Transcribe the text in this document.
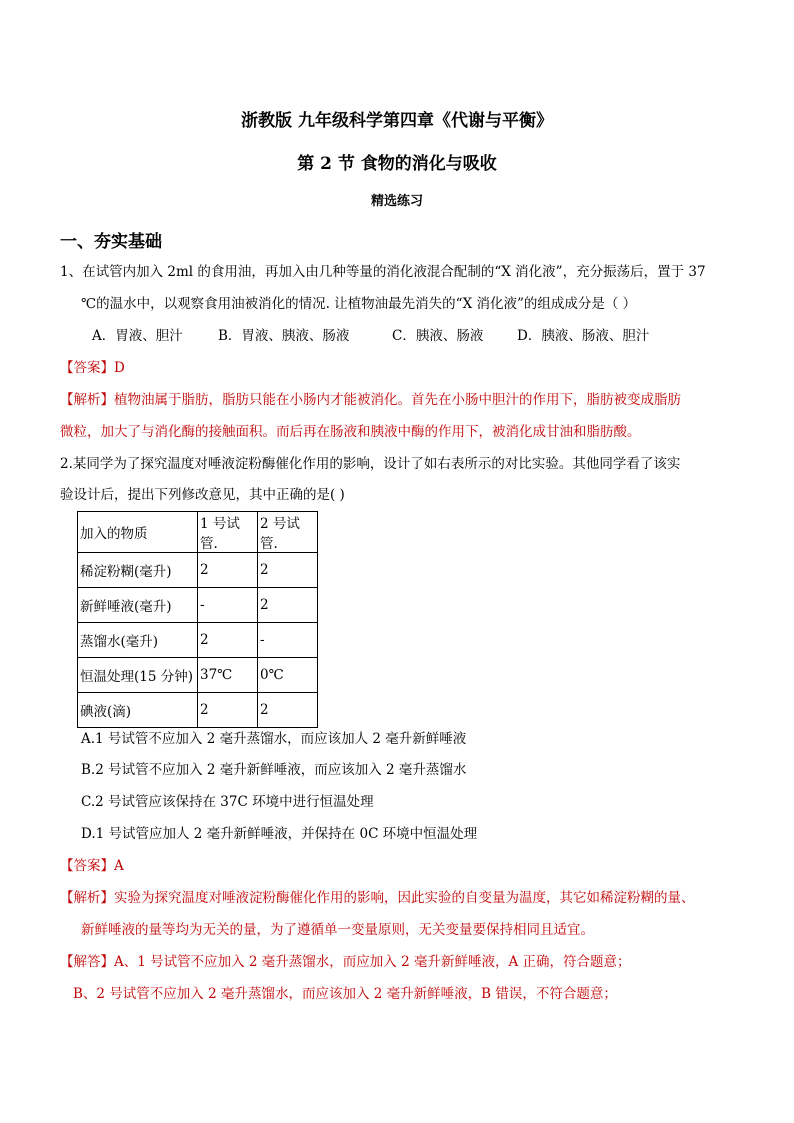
浙教版 九年级科学第四章《代谢与平衡》
第 2 节 食物的消化与吸收
精选练习
一、夯实基础
1、在试管内加入 2ml 的食用油，再加入由几种等量的消化液混合配制的“X 消化液”，充分振荡后，置于 37
℃的温水中，以观察食用油被消化的情况. 让植物油最先消失的“X 消化液”的组成成分是（ ）
A．胃液、胆汁	B．胃液、胰液、肠液	C．胰液、肠液 D．胰液、肠液、胆汁
【答案】D
【解析】植物油属于脂肪，脂肪只能在小肠内才能被消化。首先在小肠中胆汁的作用下，脂肪被变成脂肪
微粒，加大了与消化酶的接触面积。而后再在肠液和胰液中酶的作用下，被消化成甘油和脂肪酸。
2.某同学为了探究温度对唾液淀粉酶催化作用的影响，设计了如右表所示的对比实验。其他同学看了该实
验设计后，提出下列修改意见，其中正确的是( )
加入的物质	1 号试管.	2 号试管.
稀淀粉糊(毫升)	2	2
新鲜唾液(毫升)	-	2
蒸馏水(毫升)	2	-
恒温处理(15 分钟)	37℃	0℃
碘液(滴)	2	2
A.1 号试管不应加入 2 毫升蒸馏水，而应该加人 2 毫升新鲜唾液
B.2 号试管不应加入 2 毫升新鲜唾液，而应该加入 2 毫升蒸馏水
C.2 号试管应该保持在 37C 环境中进行恒温处理
D.1 号试管应加人 2 毫升新鲜唾液，并保持在 0C 环境中恒温处理
【答案】A
【解析】实验为探究温度对唾液淀粉酶催化作用的影响，因此实验的自变量为温度，其它如稀淀粉糊的量、
新鲜唾液的量等均为无关的量，为了遵循单一变量原则，无关变量要保持相同且适宜。
【解答】A、1 号试管不应加入 2 毫升蒸馏水，而应加入 2 毫升新鲜唾液，A 正确，符合题意；
B、2 号试管不应加入 2 毫升蒸馏水，而应该加入 2 毫升新鲜唾液，B 错误，不符合题意；
